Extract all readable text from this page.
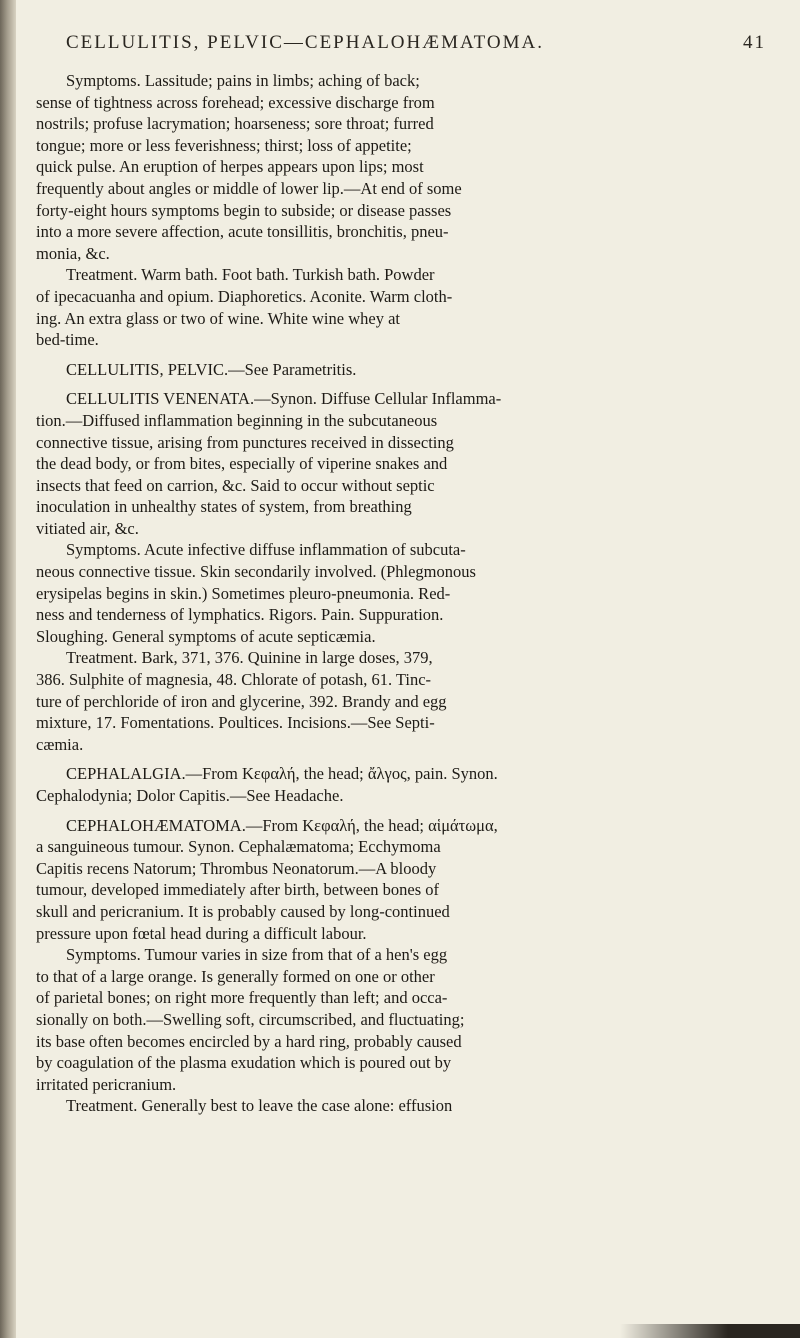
CELLULITIS, PELVIC—CEPHALOHÆMATOMA.	41
Symptoms. Lassitude; pains in limbs; aching of back;
sense of tightness across forehead; excessive discharge from
nostrils; profuse lacrymation; hoarseness; sore throat; furred
tongue; more or less feverishness; thirst; loss of appetite;
quick pulse. An eruption of herpes appears upon lips; most
frequently about angles or middle of lower lip.—At end of some
forty-eight hours symptoms begin to subside; or disease passes
into a more severe affection, acute tonsillitis, bronchitis, pneu-
monia, &c.
Treatment. Warm bath. Foot bath. Turkish bath. Powder
of ipecacuanha and opium. Diaphoretics. Aconite. Warm cloth-
ing. An extra glass or two of wine. White wine whey at
bed-time.
CELLULITIS, PELVIC.—See Parametritis.
CELLULITIS VENENATA.—Synon. Diffuse Cellular Inflamma-
tion.—Diffused inflammation beginning in the subcutaneous
connective tissue, arising from punctures received in dissecting
the dead body, or from bites, especially of viperine snakes and
insects that feed on carrion, &c. Said to occur without septic
inoculation in unhealthy states of system, from breathing
vitiated air, &c.
Symptoms. Acute infective diffuse inflammation of subcuta-
neous connective tissue. Skin secondarily involved. (Phlegmonous
erysipelas begins in skin.) Sometimes pleuro-pneumonia. Red-
ness and tenderness of lymphatics. Rigors. Pain. Suppuration.
Sloughing. General symptoms of acute septicæmia.
Treatment. Bark, 371, 376. Quinine in large doses, 379,
386. Sulphite of magnesia, 48. Chlorate of potash, 61. Tinc-
ture of perchloride of iron and glycerine, 392. Brandy and egg
mixture, 17. Fomentations. Poultices. Incisions.—See Septi-
cæmia.
CEPHALALGIA.—From Κεφαλή, the head; ἄλγος, pain. Synon.
Cephalodynia; Dolor Capitis.—See Headache.
CEPHALOHÆMATOMA.—From Κεφαλή, the head; αἱμάτωμα,
a sanguineous tumour. Synon. Cephalæmatoma; Ecchymoma
Capitis recens Natorum; Thrombus Neonatorum.—A bloody
tumour, developed immediately after birth, between bones of
skull and pericranium. It is probably caused by long-continued
pressure upon fœtal head during a difficult labour.
Symptoms. Tumour varies in size from that of a hen's egg
to that of a large orange. Is generally formed on one or other
of parietal bones; on right more frequently than left; and occa-
sionally on both.—Swelling soft, circumscribed, and fluctuating;
its base often becomes encircled by a hard ring, probably caused
by coagulation of the plasma exudation which is poured out by
irritated pericranium.
Treatment. Generally best to leave the case alone: effusion
